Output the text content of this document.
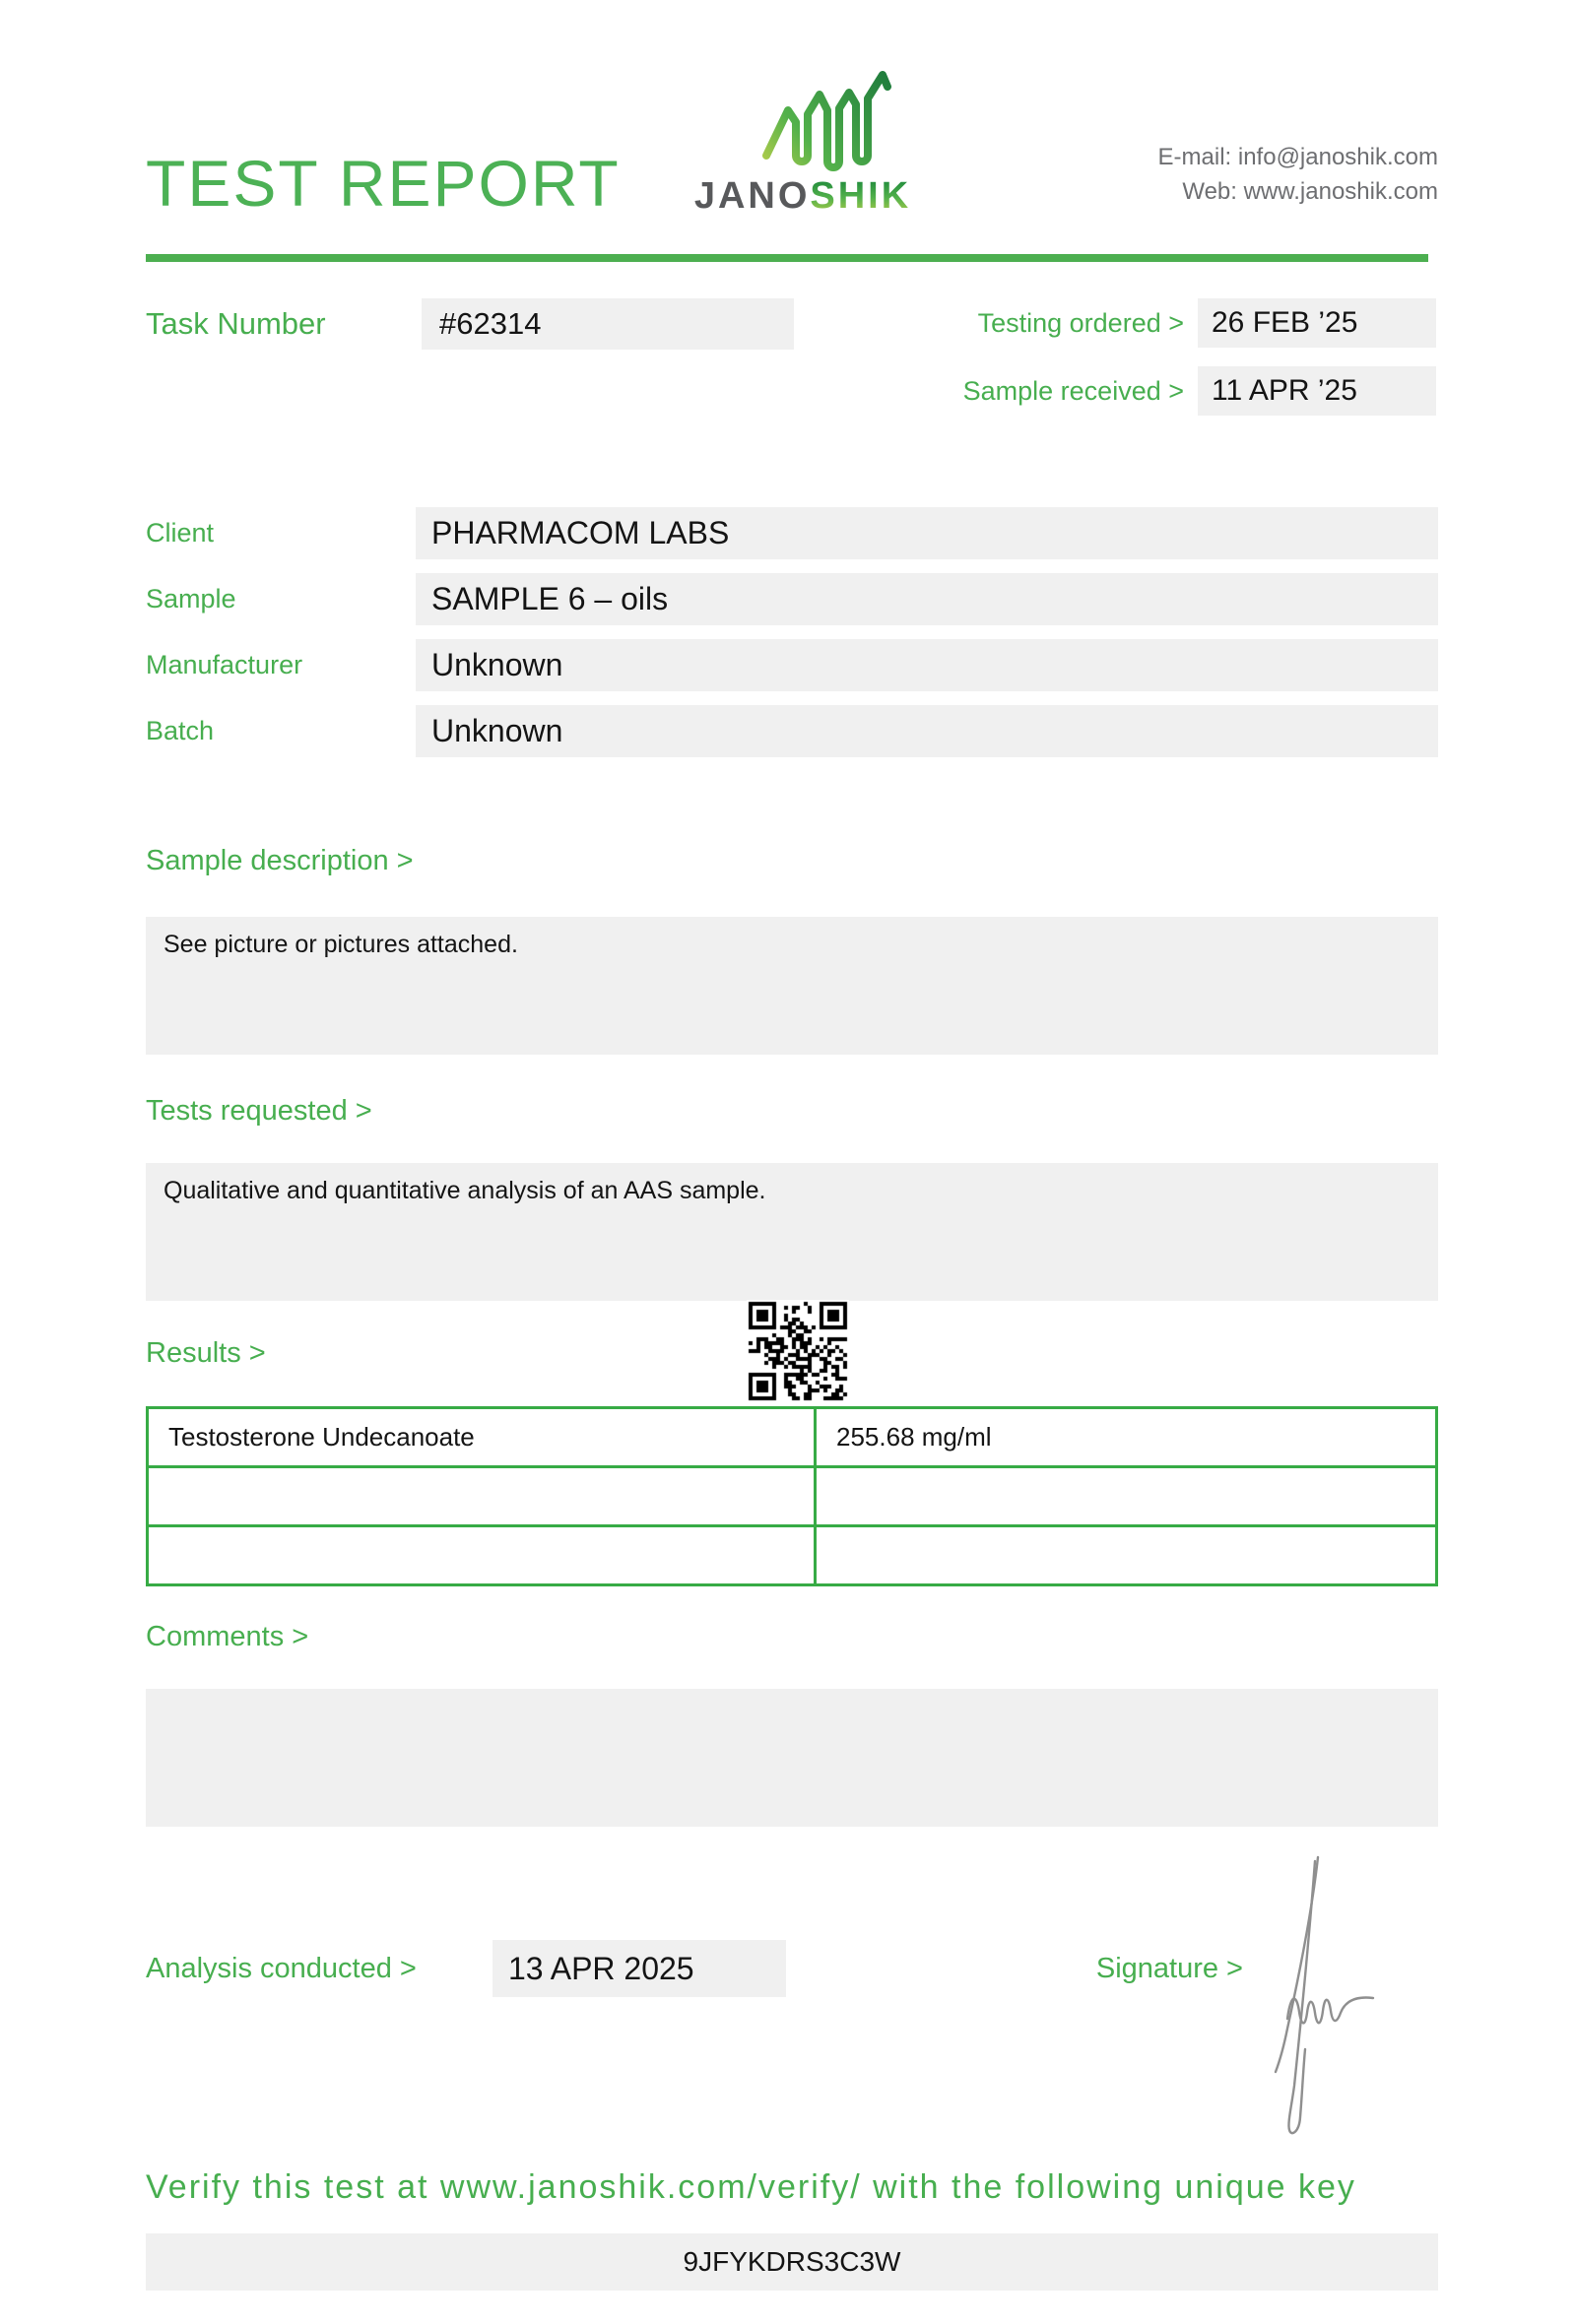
TEST REPORT	JANOSHIK
E-mail: info@janoshik.com
Web: www.janoshik.com
Task Number	#62314	Testing ordered > 26 FEB ’25
Sample received > 11 APR ’25
Client	PHARMACOM LABS
Sample	SAMPLE 6 – oils
Manufacturer	Unknown
Batch	Unknown
Sample description >
See picture or pictures attached.
Tests requested >
Qualitative and quantitative analysis of an AAS sample.
Results >
Testosterone Undecanoate	255.68 mg/ml

Comments >
Analysis conducted >	13 APR 2025	Signature >
Verify this test at www.janoshik.com/verify/ with the following unique key
9JFYKDRS3C3W
